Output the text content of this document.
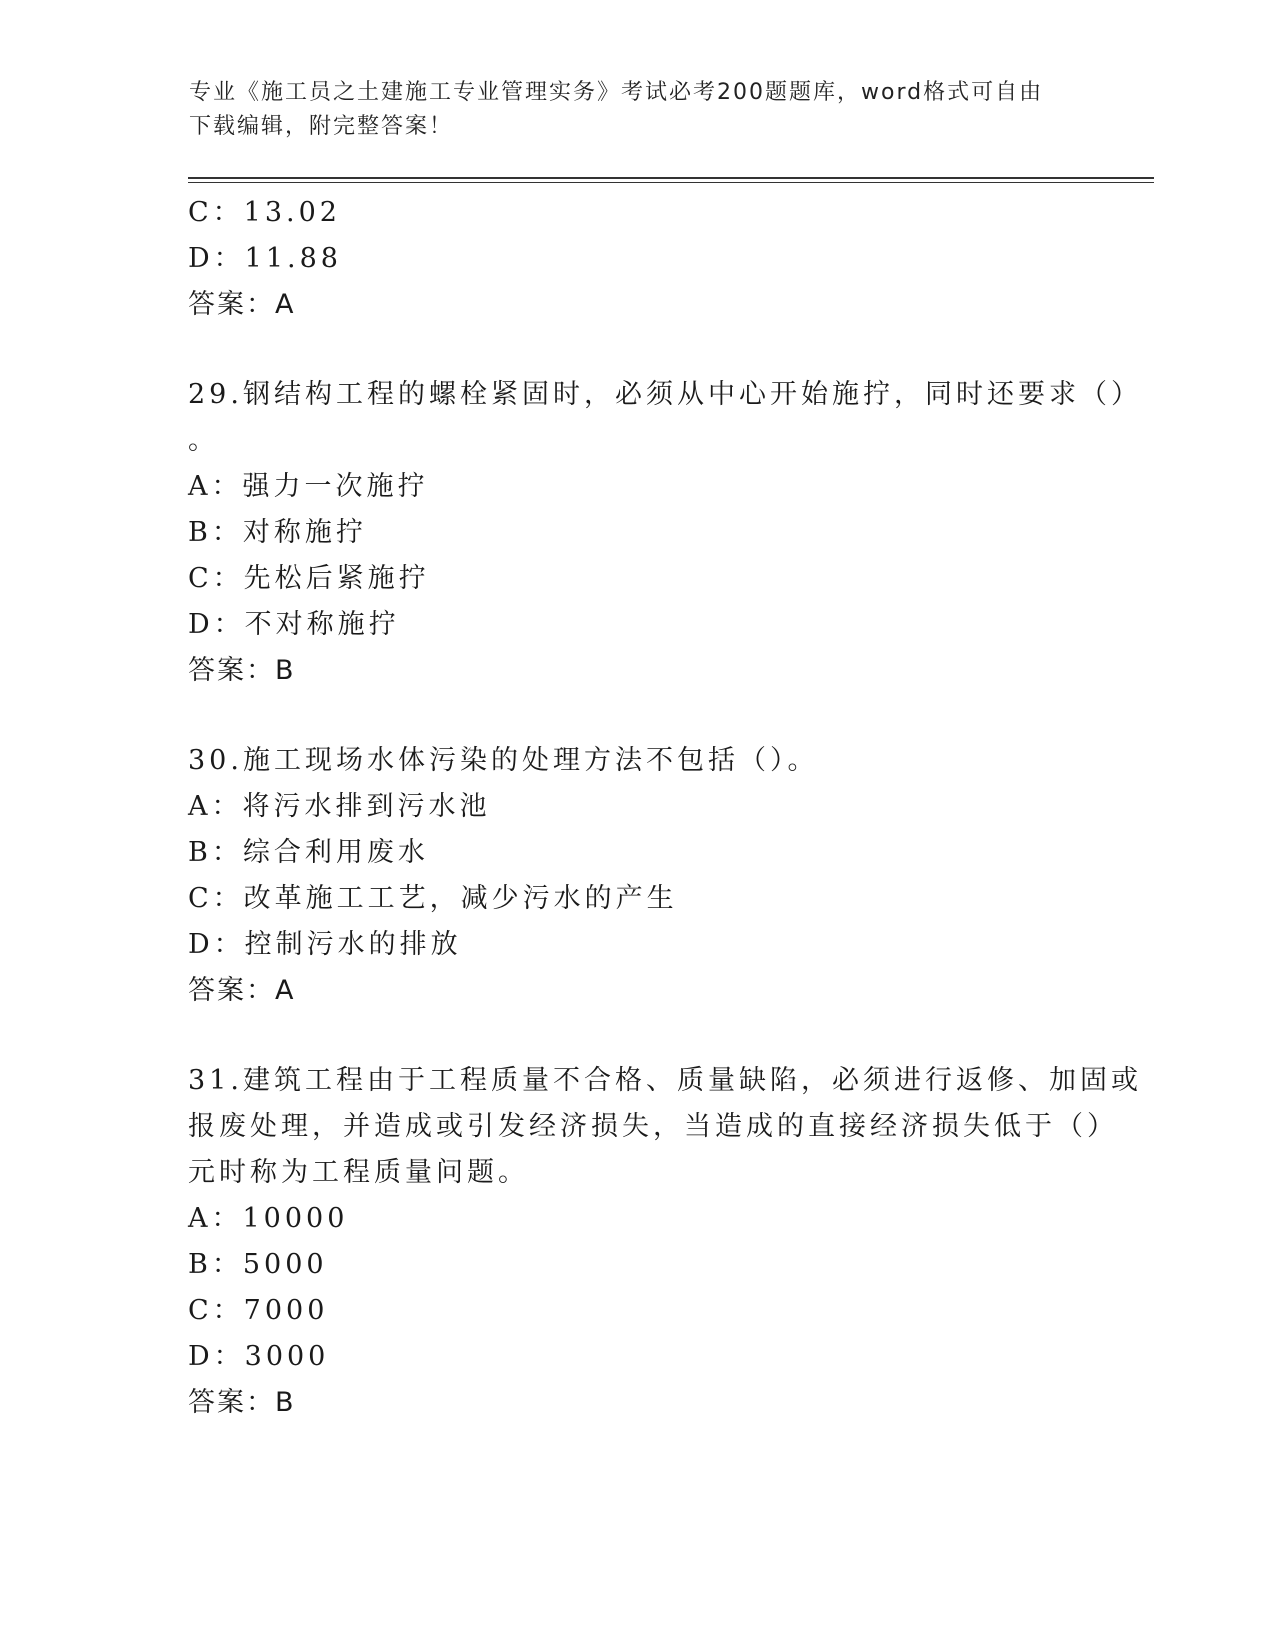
专业《施工员之土建施工专业管理实务》考试必考200题题库，word格式可自由
下载编辑，附完整答案！
C：13.02
D：11.88
答案：A
29.钢结构工程的螺栓紧固时，必须从中心开始施拧，同时还要求（）
。
A：强力一次施拧
B：对称施拧
C：先松后紧施拧
D：不对称施拧
答案：B
30.施工现场水体污染的处理方法不包括（）。
A：将污水排到污水池
B：综合利用废水
C：改革施工工艺，减少污水的产生
D：控制污水的排放
答案：A
31.建筑工程由于工程质量不合格、质量缺陷，必须进行返修、加固或
报废处理，并造成或引发经济损失，当造成的直接经济损失低于（）
元时称为工程质量问题。
A：10000
B：5000
C：7000
D：3000
答案：B
